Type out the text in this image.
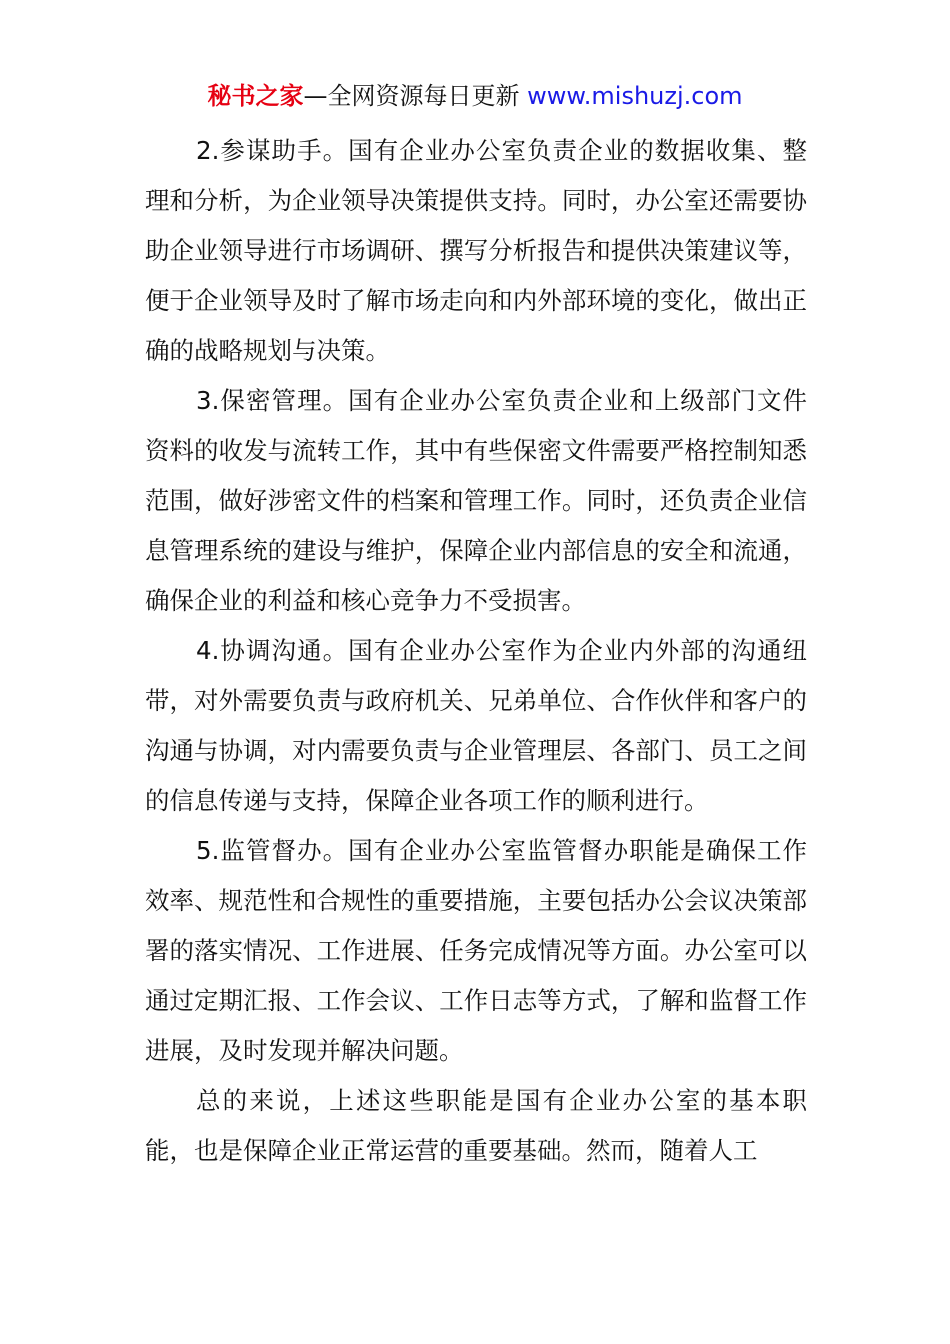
秘书之家—全网资源每日更新 www.mishuzj.com

2.参谋助手。国有企业办公室负责企业的数据收集、整理和分析，为企业领导决策提供支持。同时，办公室还需要协助企业领导进行市场调研、撰写分析报告和提供决策建议等，便于企业领导及时了解市场走向和内外部环境的变化，做出正确的战略规划与决策。

3.保密管理。国有企业办公室负责企业和上级部门文件资料的收发与流转工作，其中有些保密文件需要严格控制知悉范围，做好涉密文件的档案和管理工作。同时，还负责企业信息管理系统的建设与维护，保障企业内部信息的安全和流通，确保企业的利益和核心竞争力不受损害。

4.协调沟通。国有企业办公室作为企业内外部的沟通纽带，对外需要负责与政府机关、兄弟单位、合作伙伴和客户的沟通与协调，对内需要负责与企业管理层、各部门、员工之间的信息传递与支持，保障企业各项工作的顺利进行。

5.监管督办。国有企业办公室监管督办职能是确保工作效率、规范性和合规性的重要措施，主要包括办公会议决策部署的落实情况、工作进展、任务完成情况等方面。办公室可以通过定期汇报、工作会议、工作日志等方式，了解和监督工作进展，及时发现并解决问题。

总的来说，上述这些职能是国有企业办公室的基本职能，也是保障企业正常运营的重要基础。然而，随着人工
